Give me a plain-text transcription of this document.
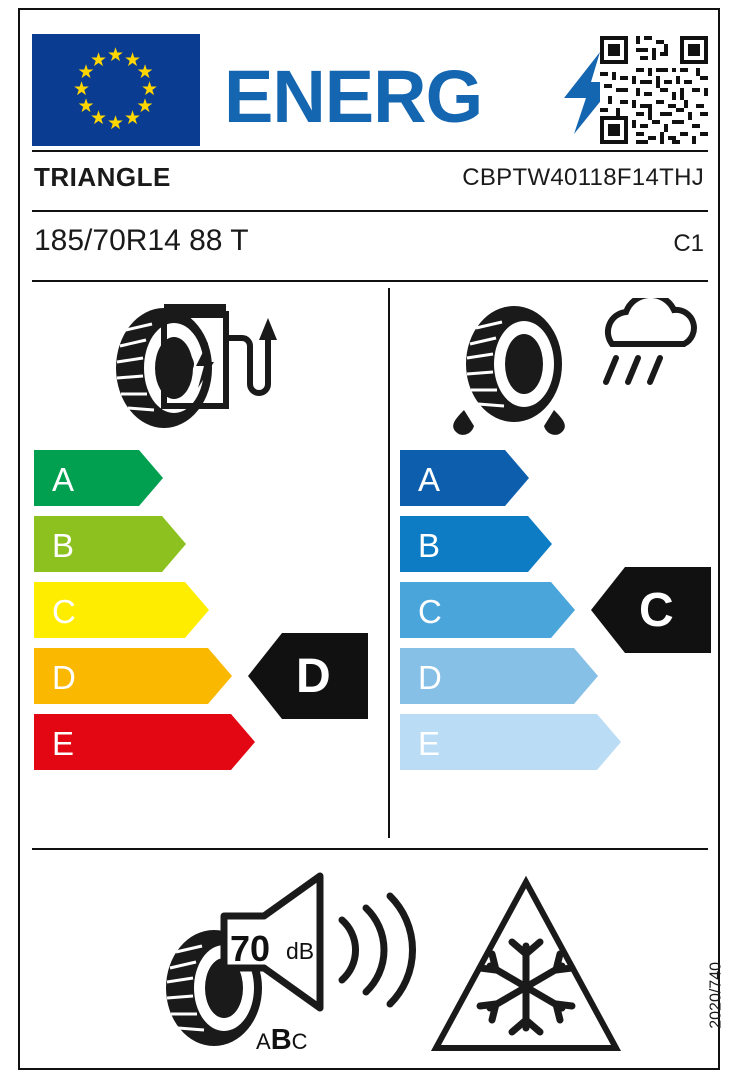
★ ★
★
★
★
★
★
★
★
★
★
★ ENERG
TRIANGLE	CBPTW40118F14THJ
185/70R14 88 T	C1
A
B
C
D
E
D
A
B
C
D
E
C
70 dB
ABC
2020/740
